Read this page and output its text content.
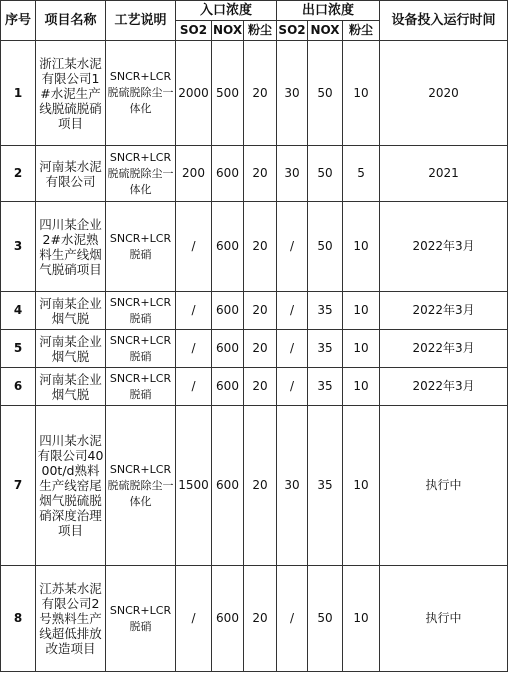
序号	项目名称	工艺说明	入口浓度			出口浓度			设备投入运行时间
			SO2	NOX	粉尘	SO2	NOX	粉尘	
1	浙江某水泥有限公司1#水泥生产线脱硫脱硝项目	SNCR+LCR脱硫脱除尘一体化	2000	500	20	30	50	10	2020
2	河南某水泥有限公司	SNCR+LCR脱硫脱除尘一体化	200	600	20	30	50	5	2021
3	四川某企业2#水泥熟料生产线烟气脱硝项目	SNCR+LCR脱硝	/	600	20	/	50	10	2022年3月
4	河南某企业烟气脱	SNCR+LCR脱硝	/	600	20	/	35	10	2022年3月
5	河南某企业烟气脱	SNCR+LCR脱硝	/	600	20	/	35	10	2022年3月
6	河南某企业烟气脱	SNCR+LCR脱硝	/	600	20	/	35	10	2022年3月
7	四川某水泥有限公司4000t/d熟料生产线窑尾烟气脱硫脱硝深度治理项目	SNCR+LCR脱硫脱除尘一体化	1500	600	20	30	35	10	执行中
8	江苏某水泥有限公司2号熟料生产线超低排放改造项目	SNCR+LCR脱硝	/	600	20	/	50	10	执行中
